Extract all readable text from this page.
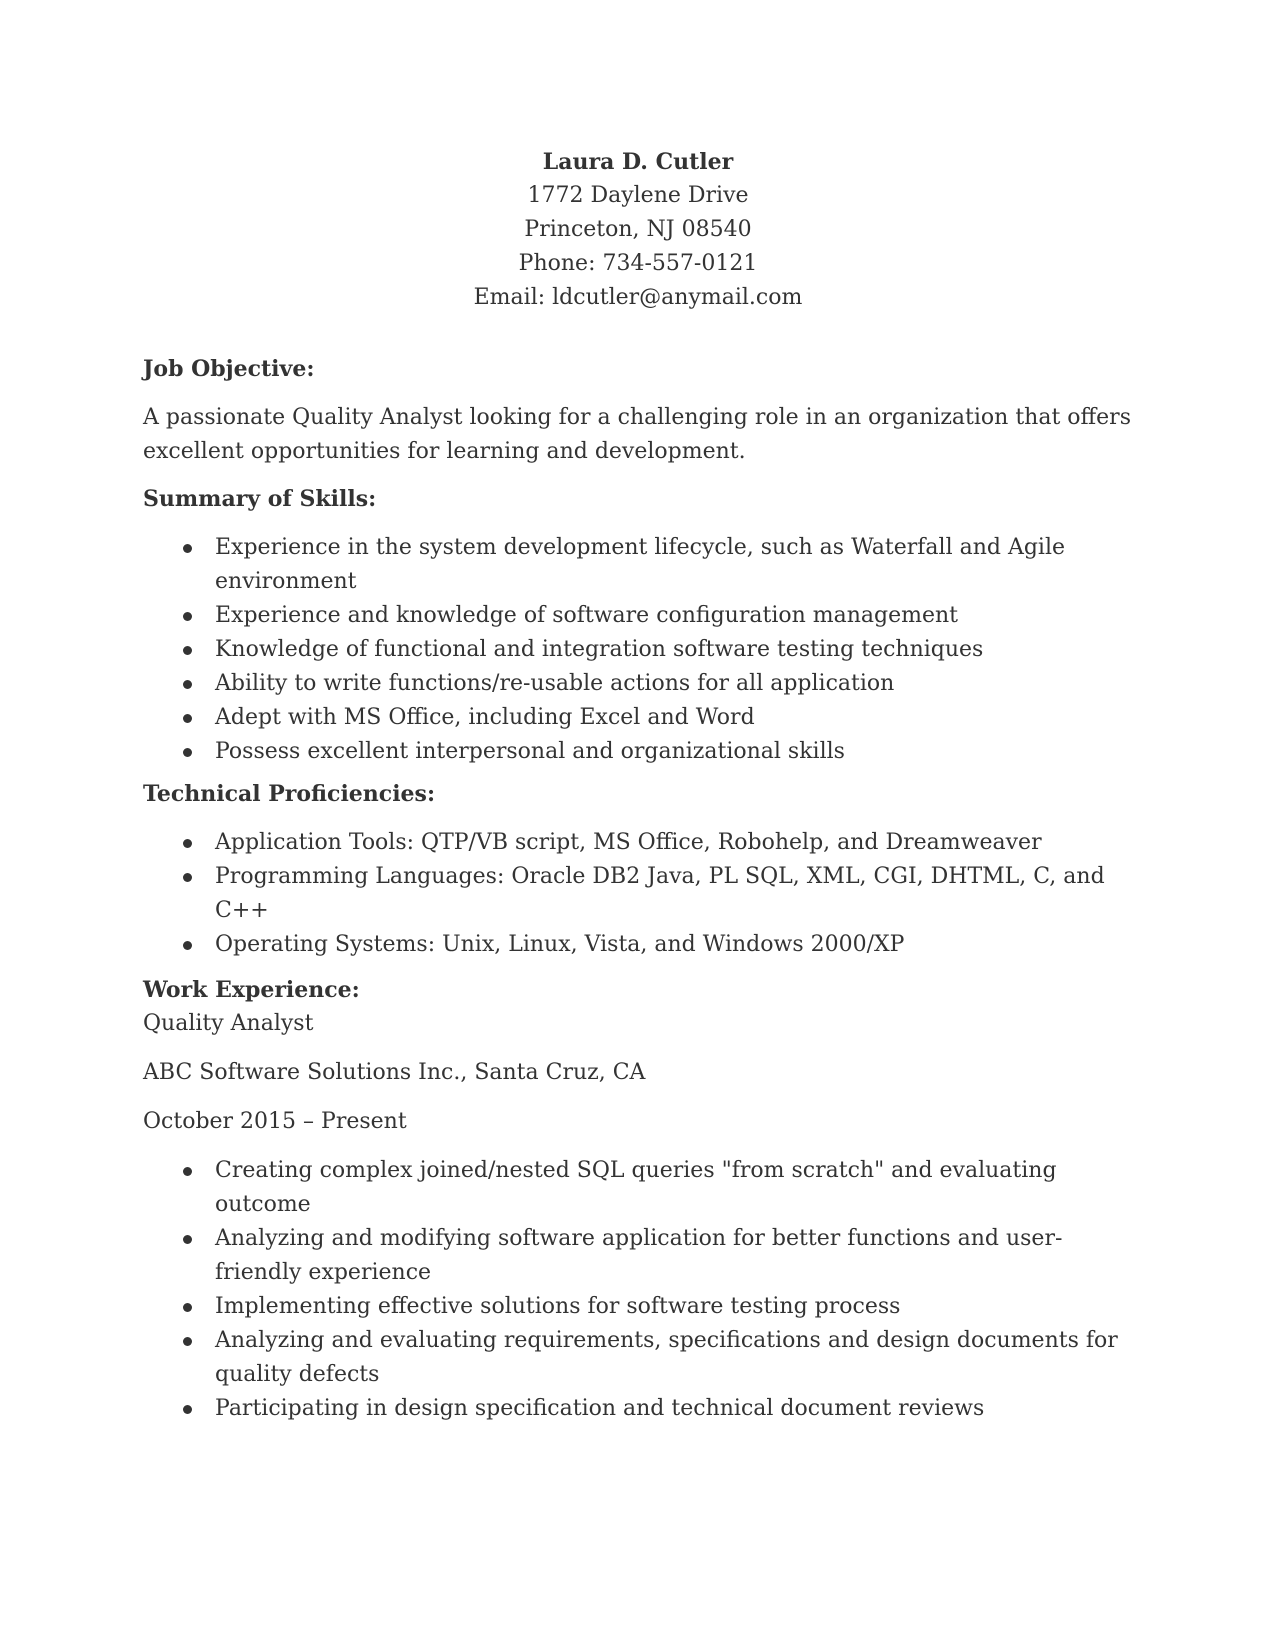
Laura D. Cutler
1772 Daylene Drive
Princeton, NJ 08540
Phone: 734-557-0121
Email: ldcutler@anymail.com

Job Objective:

A passionate Quality Analyst looking for a challenging role in an organization that offers excellent opportunities for learning and development.

Summary of Skills:

Experience in the system development lifecycle, such as Waterfall and Agile environment
Experience and knowledge of software configuration management
Knowledge of functional and integration software testing techniques
Ability to write functions/re-usable actions for all application
Adept with MS Office, including Excel and Word
Possess excellent interpersonal and organizational skills

Technical Proficiencies:

Application Tools: QTP/VB script, MS Office, Robohelp, and Dreamweaver
Programming Languages: Oracle DB2 Java, PL SQL, XML, CGI, DHTML, C, and C++
Operating Systems: Unix, Linux, Vista, and Windows 2000/XP

Work Experience:

Quality Analyst

ABC Software Solutions Inc., Santa Cruz, CA

October 2015 – Present

Creating complex joined/nested SQL queries "from scratch" and evaluating outcome
Analyzing and modifying software application for better functions and user-friendly experience
Implementing effective solutions for software testing process
Analyzing and evaluating requirements, specifications and design documents for quality defects
Participating in design specification and technical document reviews
